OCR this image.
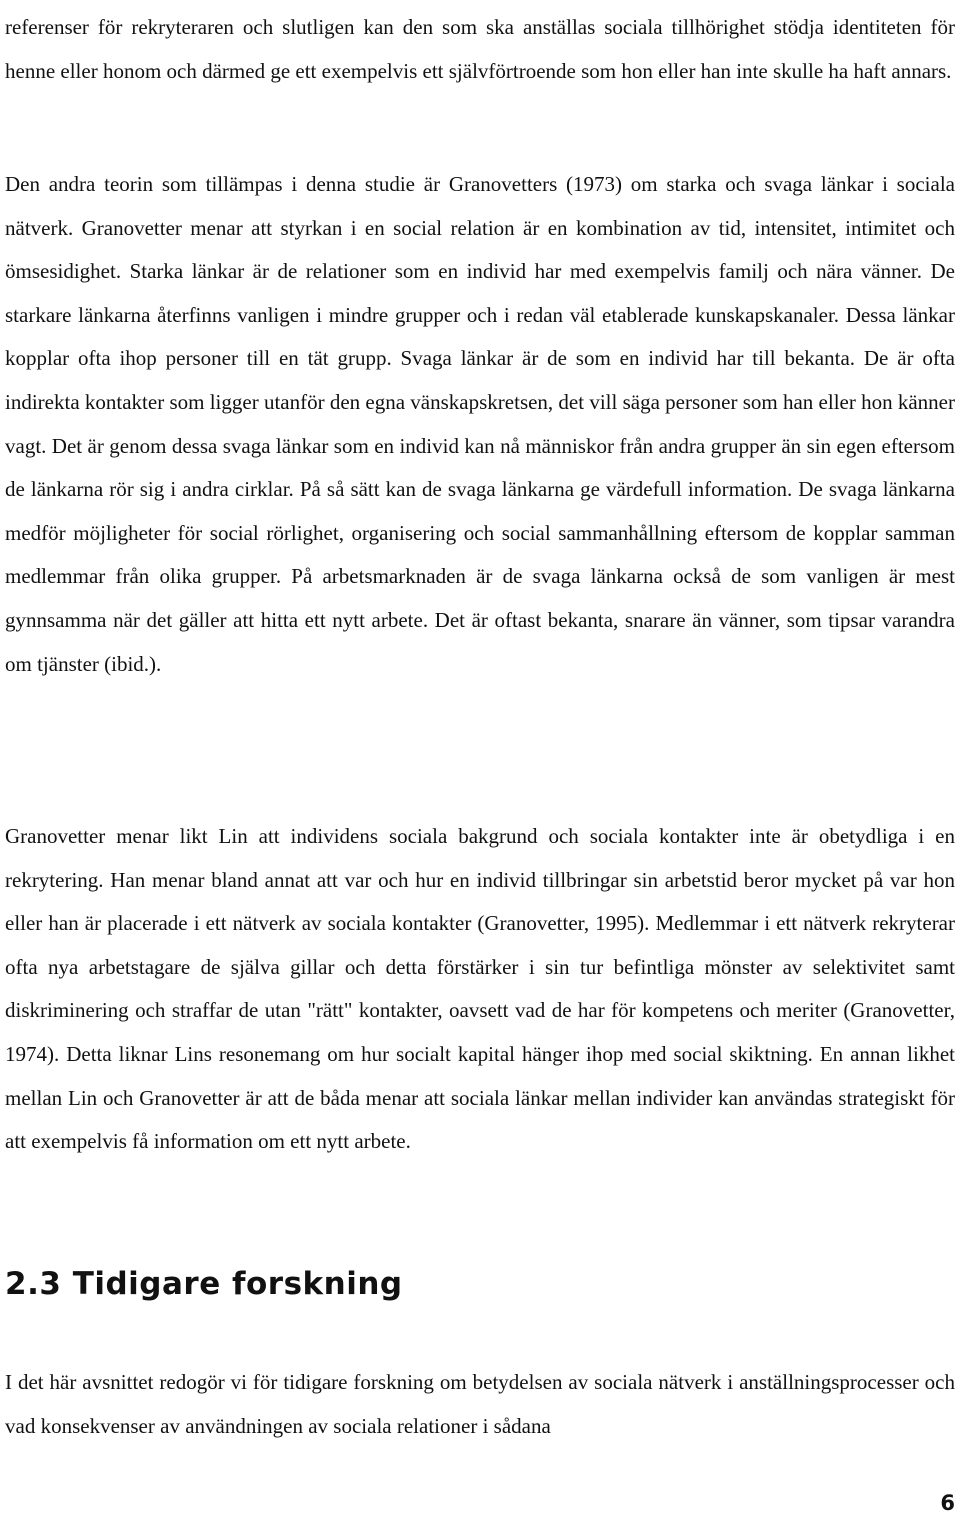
referenser för rekryteraren och slutligen kan den som ska anställas sociala tillhörighet stödja identiteten för henne eller honom och därmed ge ett exempelvis ett självförtroende som hon eller han inte skulle ha haft annars.

Den andra teorin som tillämpas i denna studie är Granovetters (1973) om starka och svaga länkar i sociala nätverk. Granovetter menar att styrkan i en social relation är en kombination av tid, intensitet, intimitet och ömsesidighet. Starka länkar är de relationer som en individ har med exempelvis familj och nära vänner. De starkare länkarna återfinns vanligen i mindre grupper och i redan väl etablerade kunskapskanaler. Dessa länkar kopplar ofta ihop personer till en tät grupp. Svaga länkar är de som en individ har till bekanta. De är ofta indirekta kontakter som ligger utanför den egna vänskapskretsen, det vill säga personer som han eller hon känner vagt. Det är genom dessa svaga länkar som en individ kan nå människor från andra grupper än sin egen eftersom de länkarna rör sig i andra cirklar. På så sätt kan de svaga länkarna ge värdefull information. De svaga länkarna medför möjligheter för social rörlighet, organisering och social sammanhållning eftersom de kopplar samman medlemmar från olika grupper. På arbetsmarknaden är de svaga länkarna också de som vanligen är mest gynnsamma när det gäller att hitta ett nytt arbete. Det är oftast bekanta, snarare än vänner, som tipsar varandra om tjänster (ibid.).

Granovetter menar likt Lin att individens sociala bakgrund och sociala kontakter inte är obetydliga i en rekrytering. Han menar bland annat att var och hur en individ tillbringar sin arbetstid beror mycket på var hon eller han är placerade i ett nätverk av sociala kontakter (Granovetter, 1995). Medlemmar i ett nätverk rekryterar ofta nya arbetstagare de själva gillar och detta förstärker i sin tur befintliga mönster av selektivitet samt diskriminering och straffar de utan "rätt" kontakter, oavsett vad de har för kompetens och meriter (Granovetter, 1974). Detta liknar Lins resonemang om hur socialt kapital hänger ihop med social skiktning. En annan likhet mellan Lin och Granovetter är att de båda menar att sociala länkar mellan individer kan användas strategiskt för att exempelvis få information om ett nytt arbete.

2.3 Tidigare forskning

I det här avsnittet redogör vi för tidigare forskning om betydelsen av sociala nätverk i anställningsprocesser och vad konsekvenser av användningen av sociala relationer i sådana

6
